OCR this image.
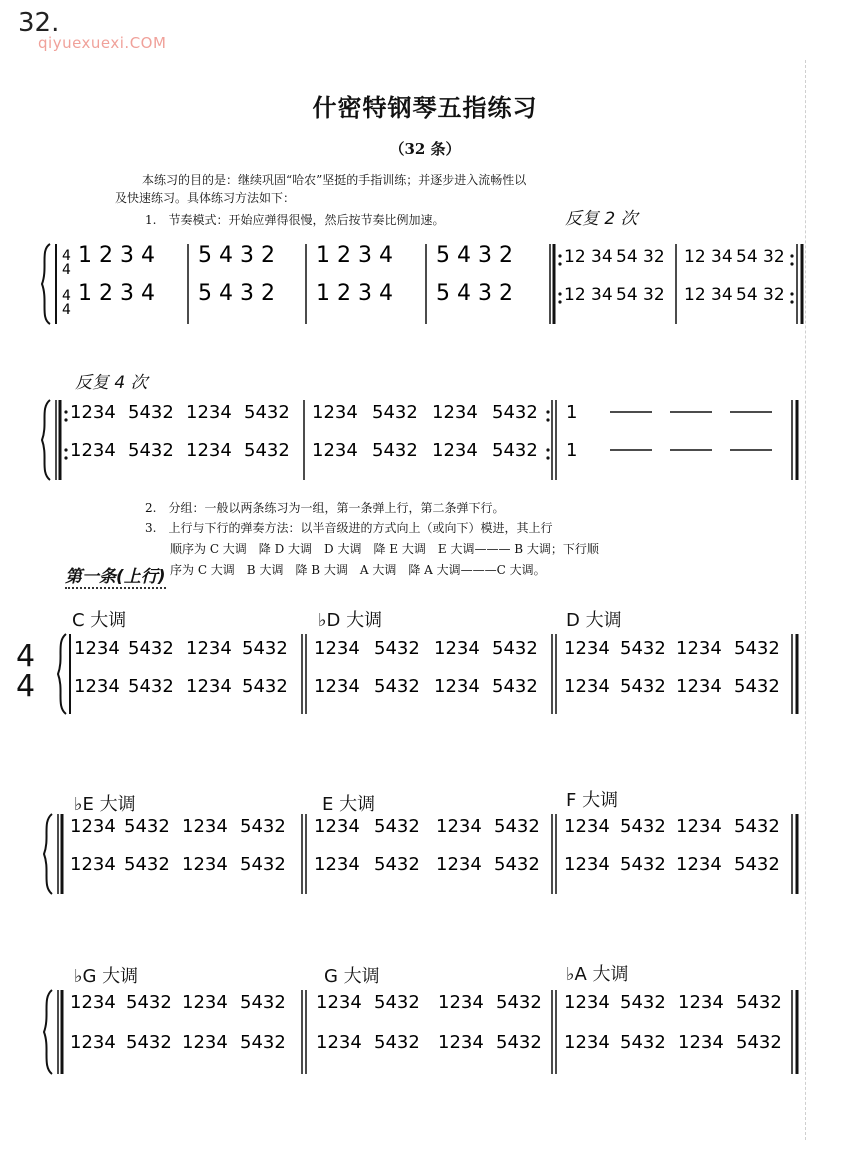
32.
qiyuexuexi.COM
什密特钢琴五指练习
（32 条）
本练习的目的是：继续巩固“哈农”坚挺的手指训练；并逐步进入流畅性以
及快速练习。具体练习方法如下：
1.　节奏模式：开始应弹得很慢，然后按节奏比例加速。	反复 2 次
4
4
4
4
1 2 3 4
1 2 3 4
5 4 3 2
5 4 3 2
1 2 3 4
1 2 3 4
5 4 3 2
5 4 3 2
12 34 54 32
12 34 54 32
12 34 54 32
12 34 54 32
反复 4 次
1234 5432 1234 5432
1234 5432 1234 5432
1234 5432 1234 5432
1234 5432 1234 5432
1
1
2.　分组：一般以两条练习为一组，第一条弹上行，第二条弹下行。
3.　上行与下行的弹奏方法：以半音级进的方式向上（或向下）模进，其上行
顺序为 C 大调　降 D 大调　D 大调　降 E 大调　E 大调——— B 大调；下行顺
序为 C 大调　B 大调　降 B 大调　A 大调　降 A 大调———C 大调。
第一条(上行)
C 大调	♭D 大调	D 大调
4
4
1234 5432 1234 5432
1234 5432 1234 5432
1234 5432 1234 5432
1234 5432 1234 5432
1234 5432 1234 5432
1234 5432 1234 5432
♭E 大调	E 大调	F 大调
1234 5432 1234 5432
1234 5432 1234 5432
1234 5432 1234 5432
1234 5432 1234 5432
1234 5432 1234 5432
1234 5432 1234 5432
♭G 大调	G 大调	♭A 大调
1234 5432 1234 5432
1234 5432 1234 5432
1234 5432 1234 5432
1234 5432 1234 5432
1234 5432 1234 5432
1234 5432 1234 5432
